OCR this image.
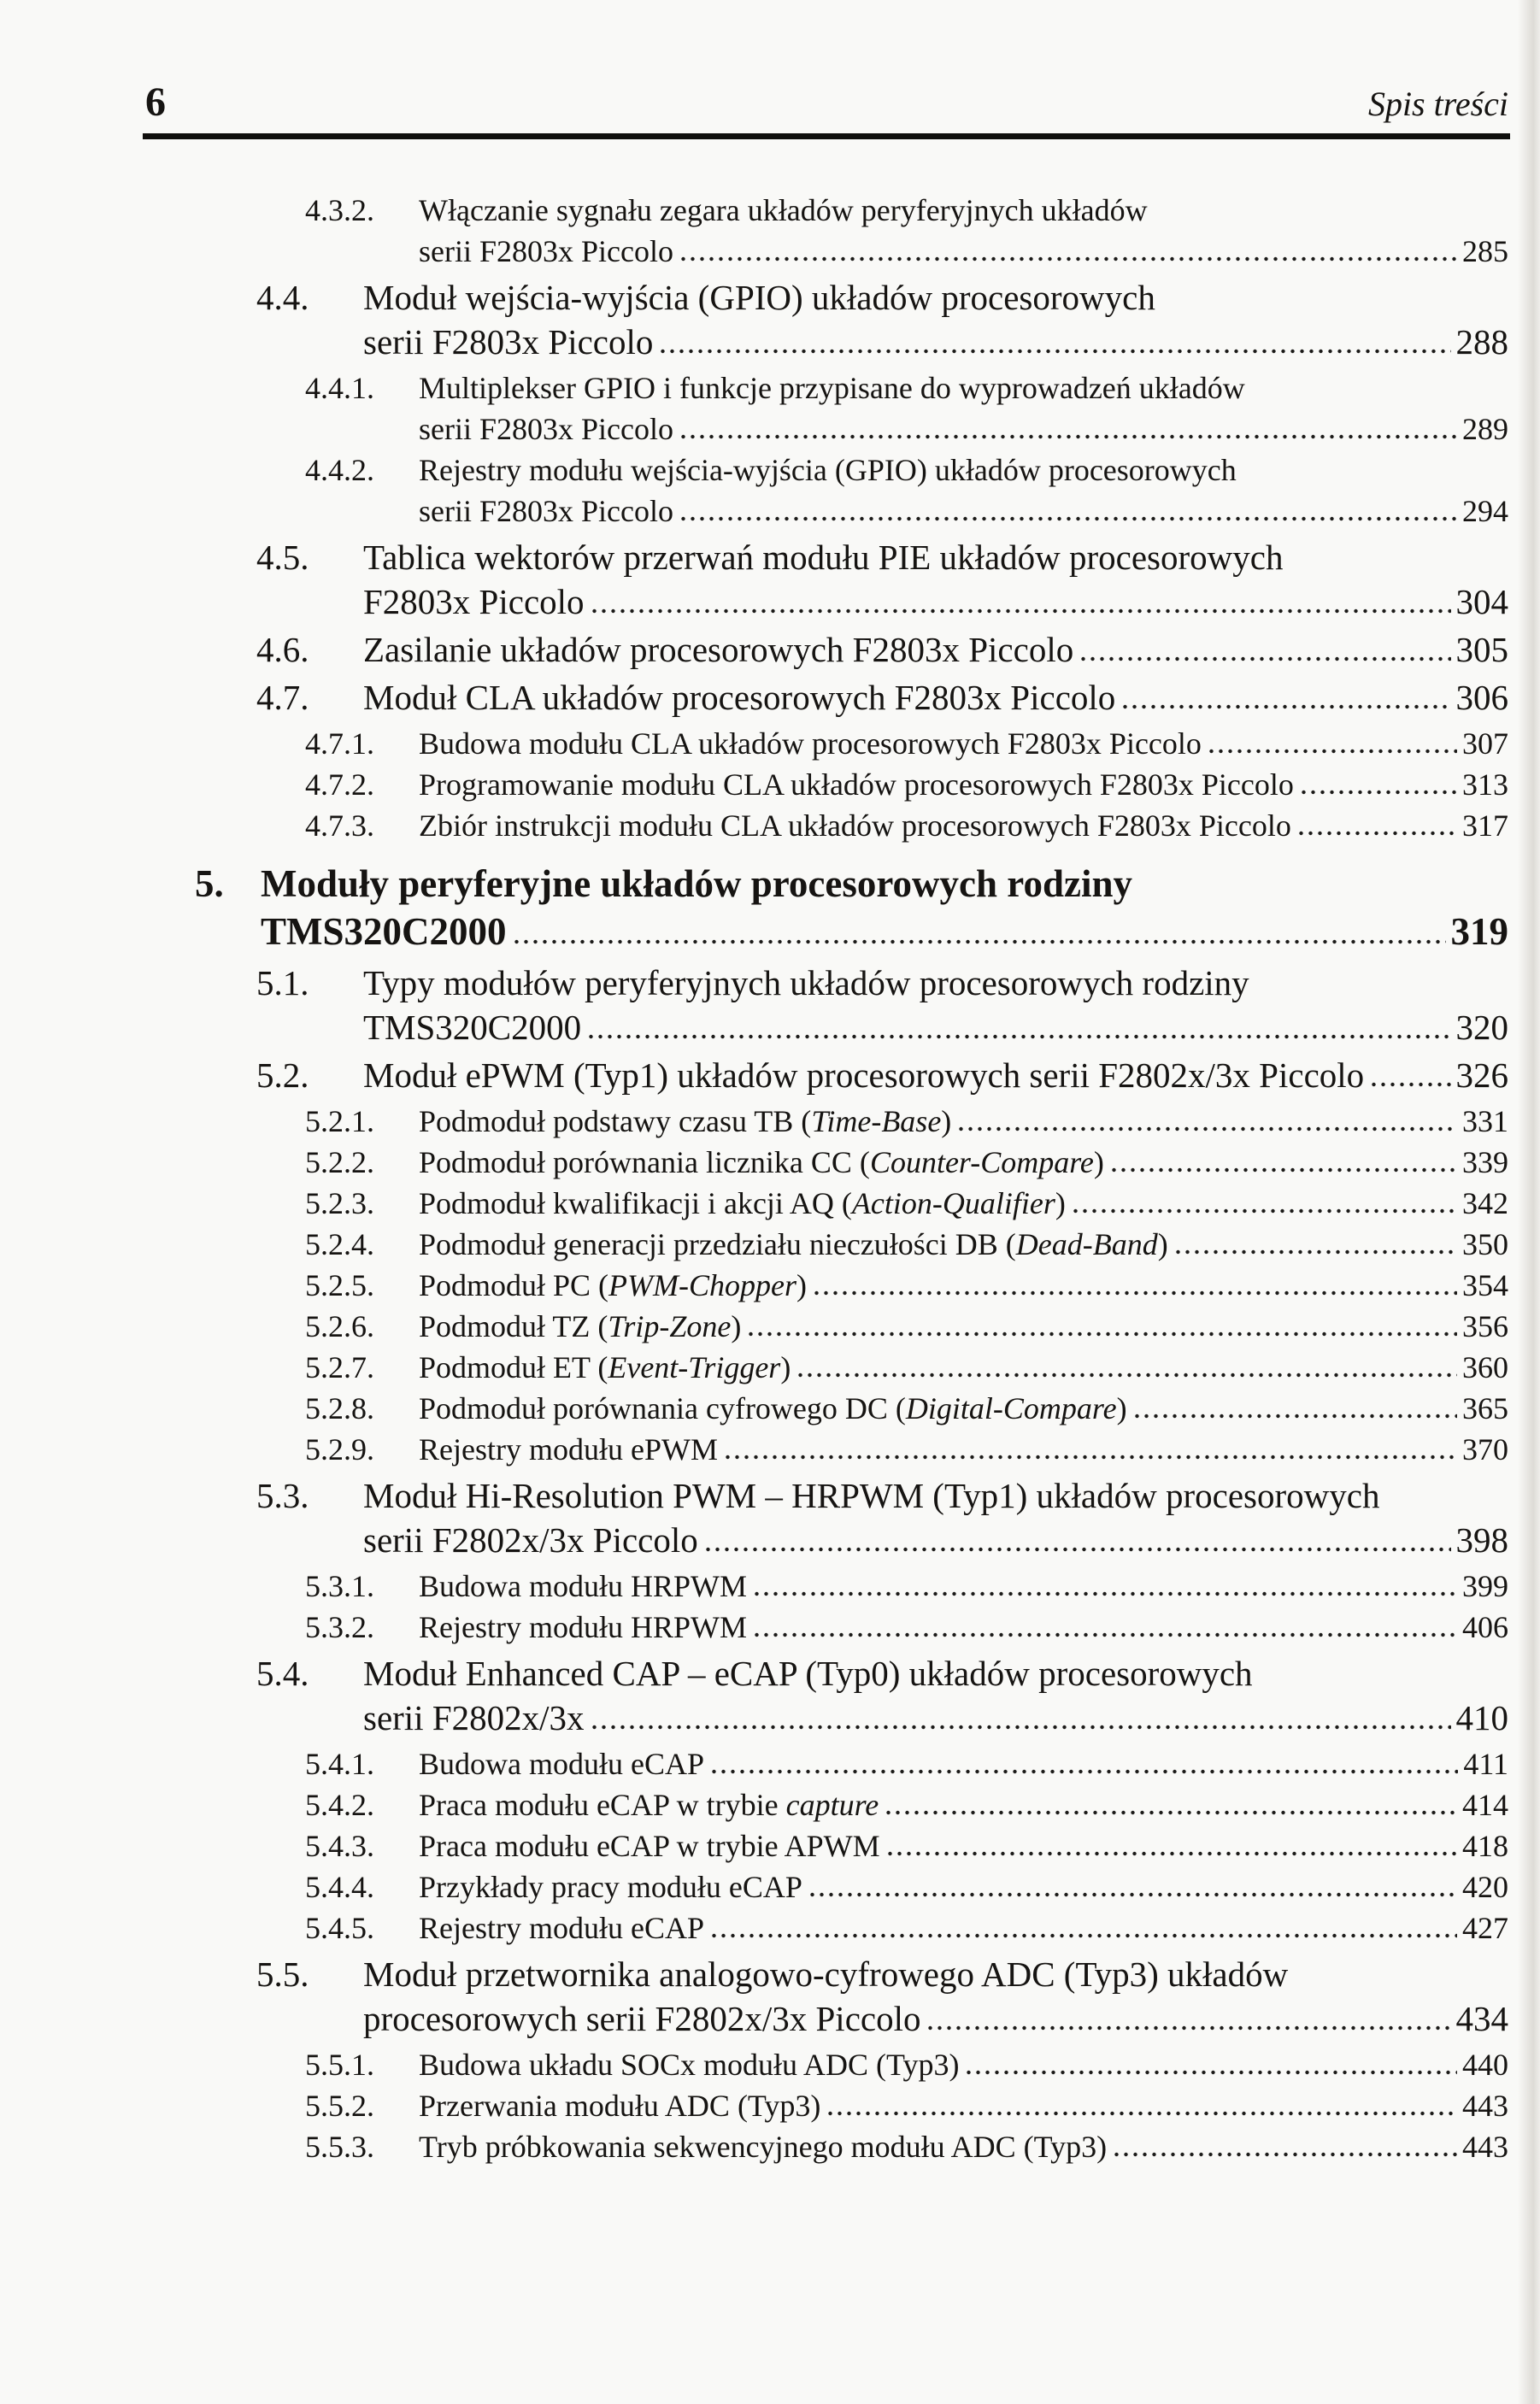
6	Spis treści
4.3.2.	Włączanie sygnału zegara układów peryferyjnych układów
serii F2803x Piccolo	285
4.4.	Moduł wejścia-wyjścia (GPIO) układów procesorowych
serii F2803x Piccolo	288
4.4.1.	Multiplekser GPIO i funkcje przypisane do wyprowadzeń układów
serii F2803x Piccolo	289
4.4.2.	Rejestry modułu wejścia-wyjścia (GPIO) układów procesorowych
serii F2803x Piccolo	294
4.5.	Tablica wektorów przerwań modułu PIE układów procesorowych
F2803x Piccolo	304
4.6.	Zasilanie układów procesorowych F2803x Piccolo	305
4.7.	Moduł CLA układów procesorowych F2803x Piccolo	306
4.7.1.	Budowa modułu CLA układów procesorowych F2803x Piccolo	307
4.7.2.	Programowanie modułu CLA układów procesorowych F2803x Piccolo	313
4.7.3.	Zbiór instrukcji modułu CLA układów procesorowych F2803x Piccolo	317
5. Moduły peryferyjne układów procesorowych rodziny
TMS320C2000	319
5.1.	Typy modułów peryferyjnych układów procesorowych rodziny
TMS320C2000	320
5.2.	Moduł ePWM (Typ1) układów procesorowych serii F2802x/3x Piccolo	326
5.2.1.	Podmoduł podstawy czasu TB (Time-Base)	331
5.2.2.	Podmoduł porównania licznika CC (Counter-Compare)	339
5.2.3.	Podmoduł kwalifikacji i akcji AQ (Action-Qualifier)	342
5.2.4.	Podmoduł generacji przedziału nieczułości DB (Dead-Band)	350
5.2.5.	Podmoduł PC (PWM-Chopper)	354
5.2.6.	Podmoduł TZ (Trip-Zone)	356
5.2.7.	Podmoduł ET (Event-Trigger)	360
5.2.8.	Podmoduł porównania cyfrowego DC (Digital-Compare)	365
5.2.9.	Rejestry modułu ePWM	370
5.3.	Moduł Hi-Resolution PWM – HRPWM (Typ1) układów procesorowych
serii F2802x/3x Piccolo	398
5.3.1.	Budowa modułu HRPWM	399
5.3.2.	Rejestry modułu HRPWM	406
5.4.	Moduł Enhanced CAP – eCAP (Typ0) układów procesorowych
serii F2802x/3x	410
5.4.1.	Budowa modułu eCAP	411
5.4.2.	Praca modułu eCAP w trybie capture	414
5.4.3.	Praca modułu eCAP w trybie APWM	418
5.4.4.	Przykłady pracy modułu eCAP	420
5.4.5.	Rejestry modułu eCAP	427
5.5.	Moduł przetwornika analogowo-cyfrowego ADC (Typ3) układów
procesorowych serii F2802x/3x Piccolo	434
5.5.1.	Budowa układu SOCx modułu ADC (Typ3)	440
5.5.2.	Przerwania modułu ADC (Typ3)	443
5.5.3.	Tryb próbkowania sekwencyjnego modułu ADC (Typ3)	443
